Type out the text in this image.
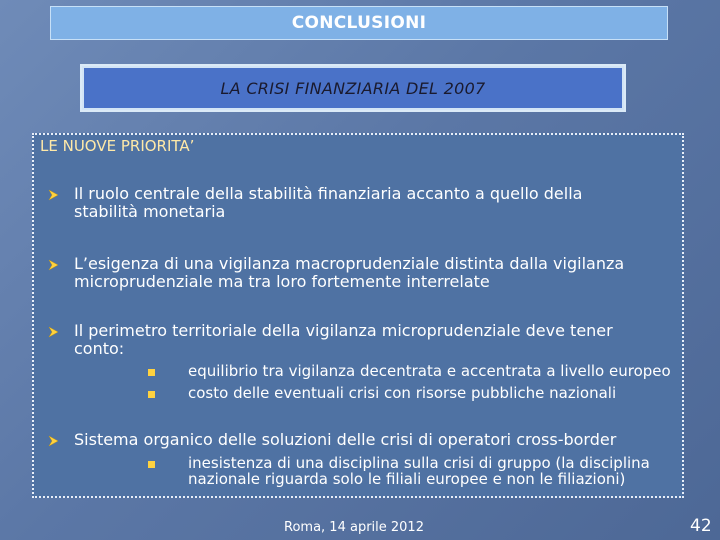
CONCLUSIONI
LA CRISI FINANZIARIA DEL 2007
LE NUOVE PRIORITA’
Il ruolo centrale della stabilità finanziaria accanto a quello della
stabilità monetaria
L’esigenza di una vigilanza macroprudenziale distinta dalla vigilanza
microprudenziale ma tra loro fortemente interrelate
Il perimetro territoriale della vigilanza microprudenziale deve tener
conto:
equilibrio tra vigilanza decentrata e accentrata a livello europeo
costo delle eventuali crisi con risorse pubbliche nazionali
Sistema organico delle soluzioni delle crisi di operatori cross-border
inesistenza di una disciplina sulla crisi di gruppo (la disciplina
nazionale riguarda solo le filiali europee e non le filiazioni)
Roma, 14 aprile 2012	42
